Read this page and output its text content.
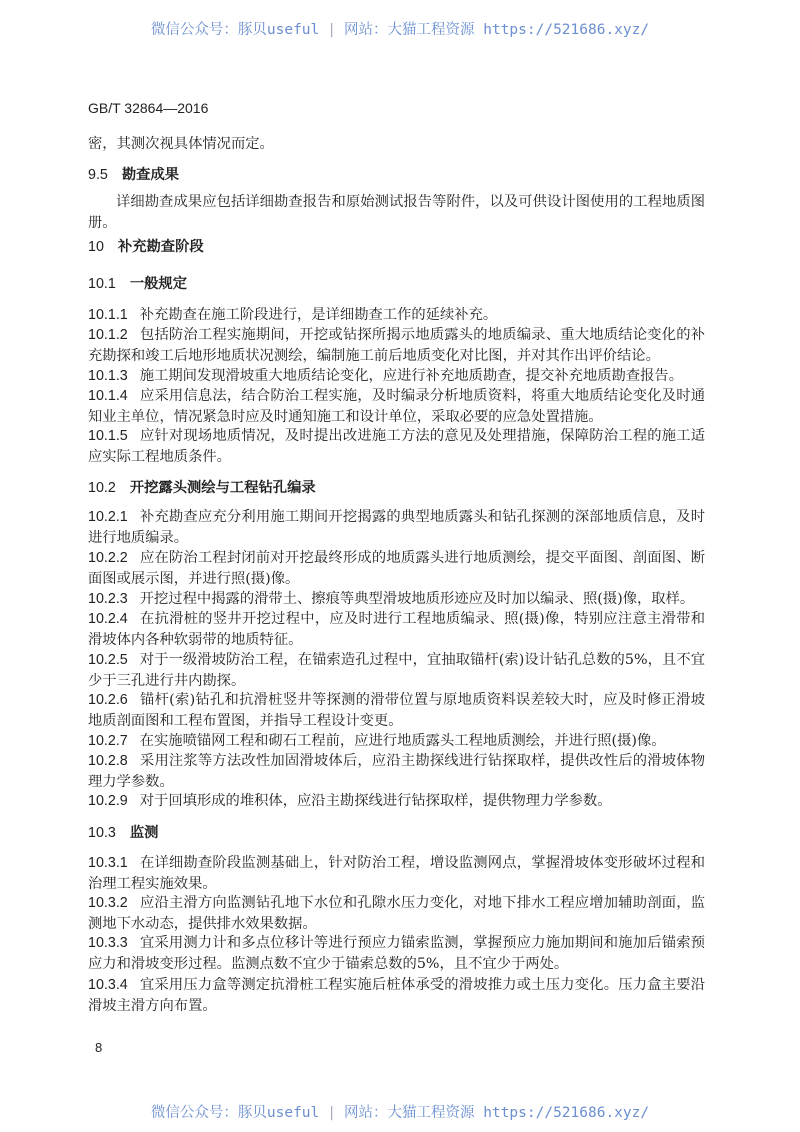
微信公众号：豚贝useful | 网站：大猫工程资源 https://521686.xyz/
GB/T 32864—2016
密，其测次视具体情况而定。
9.5 勘查成果
详细勘查成果应包括详细勘查报告和原始测试报告等附件，以及可供设计图使用的工程地质图册。
10 补充勘查阶段
10.1 一般规定
10.1.1 补充勘查在施工阶段进行，是详细勘查工作的延续补充。
10.1.2 包括防治工程实施期间，开挖或钻探所揭示地质露头的地质编录、重大地质结论变化的补充勘探和竣工后地形地质状况测绘，编制施工前后地质变化对比图，并对其作出评价结论。
10.1.3 施工期间发现滑坡重大地质结论变化，应进行补充地质勘查，提交补充地质勘查报告。
10.1.4 应采用信息法，结合防治工程实施，及时编录分析地质资料，将重大地质结论变化及时通知业主单位，情况紧急时应及时通知施工和设计单位，采取必要的应急处置措施。
10.1.5 应针对现场地质情况，及时提出改进施工方法的意见及处理措施，保障防治工程的施工适应实际工程地质条件。
10.2 开挖露头测绘与工程钻孔编录
10.2.1 补充勘查应充分利用施工期间开挖揭露的典型地质露头和钻孔探测的深部地质信息，及时进行地质编录。
10.2.2 应在防治工程封闭前对开挖最终形成的地质露头进行地质测绘，提交平面图、剖面图、断面图或展示图，并进行照(摄)像。
10.2.3 开挖过程中揭露的滑带土、擦痕等典型滑坡地质形迹应及时加以编录、照(摄)像，取样。
10.2.4 在抗滑桩的竖井开挖过程中，应及时进行工程地质编录、照(摄)像，特别应注意主滑带和滑坡体内各种软弱带的地质特征。
10.2.5 对于一级滑坡防治工程，在锚索造孔过程中，宜抽取锚杆(索)设计钻孔总数的5%，且不宜少于三孔进行井内勘探。
10.2.6 锚杆(索)钻孔和抗滑桩竖井等探测的滑带位置与原地质资料误差较大时，应及时修正滑坡地质剖面图和工程布置图，并指导工程设计变更。
10.2.7 在实施喷锚网工程和砌石工程前，应进行地质露头工程地质测绘，并进行照(摄)像。
10.2.8 采用注浆等方法改性加固滑坡体后，应沿主勘探线进行钻探取样，提供改性后的滑坡体物理力学参数。
10.2.9 对于回填形成的堆积体，应沿主勘探线进行钻探取样，提供物理力学参数。
10.3 监测
10.3.1 在详细勘查阶段监测基础上，针对防治工程，增设监测网点，掌握滑坡体变形破坏过程和治理工程实施效果。
10.3.2 应沿主滑方向监测钻孔地下水位和孔隙水压力变化，对地下排水工程应增加辅助剖面，监测地下水动态，提供排水效果数据。
10.3.3 宜采用测力计和多点位移计等进行预应力锚索监测，掌握预应力施加期间和施加后锚索预应力和滑坡变形过程。监测点数不宜少于锚索总数的5%，且不宜少于两处。
10.3.4 宜采用压力盒等测定抗滑桩工程实施后桩体承受的滑坡推力或土压力变化。压力盒主要沿滑坡主滑方向布置。
8
微信公众号：豚贝useful | 网站：大猫工程资源 https://521686.xyz/
